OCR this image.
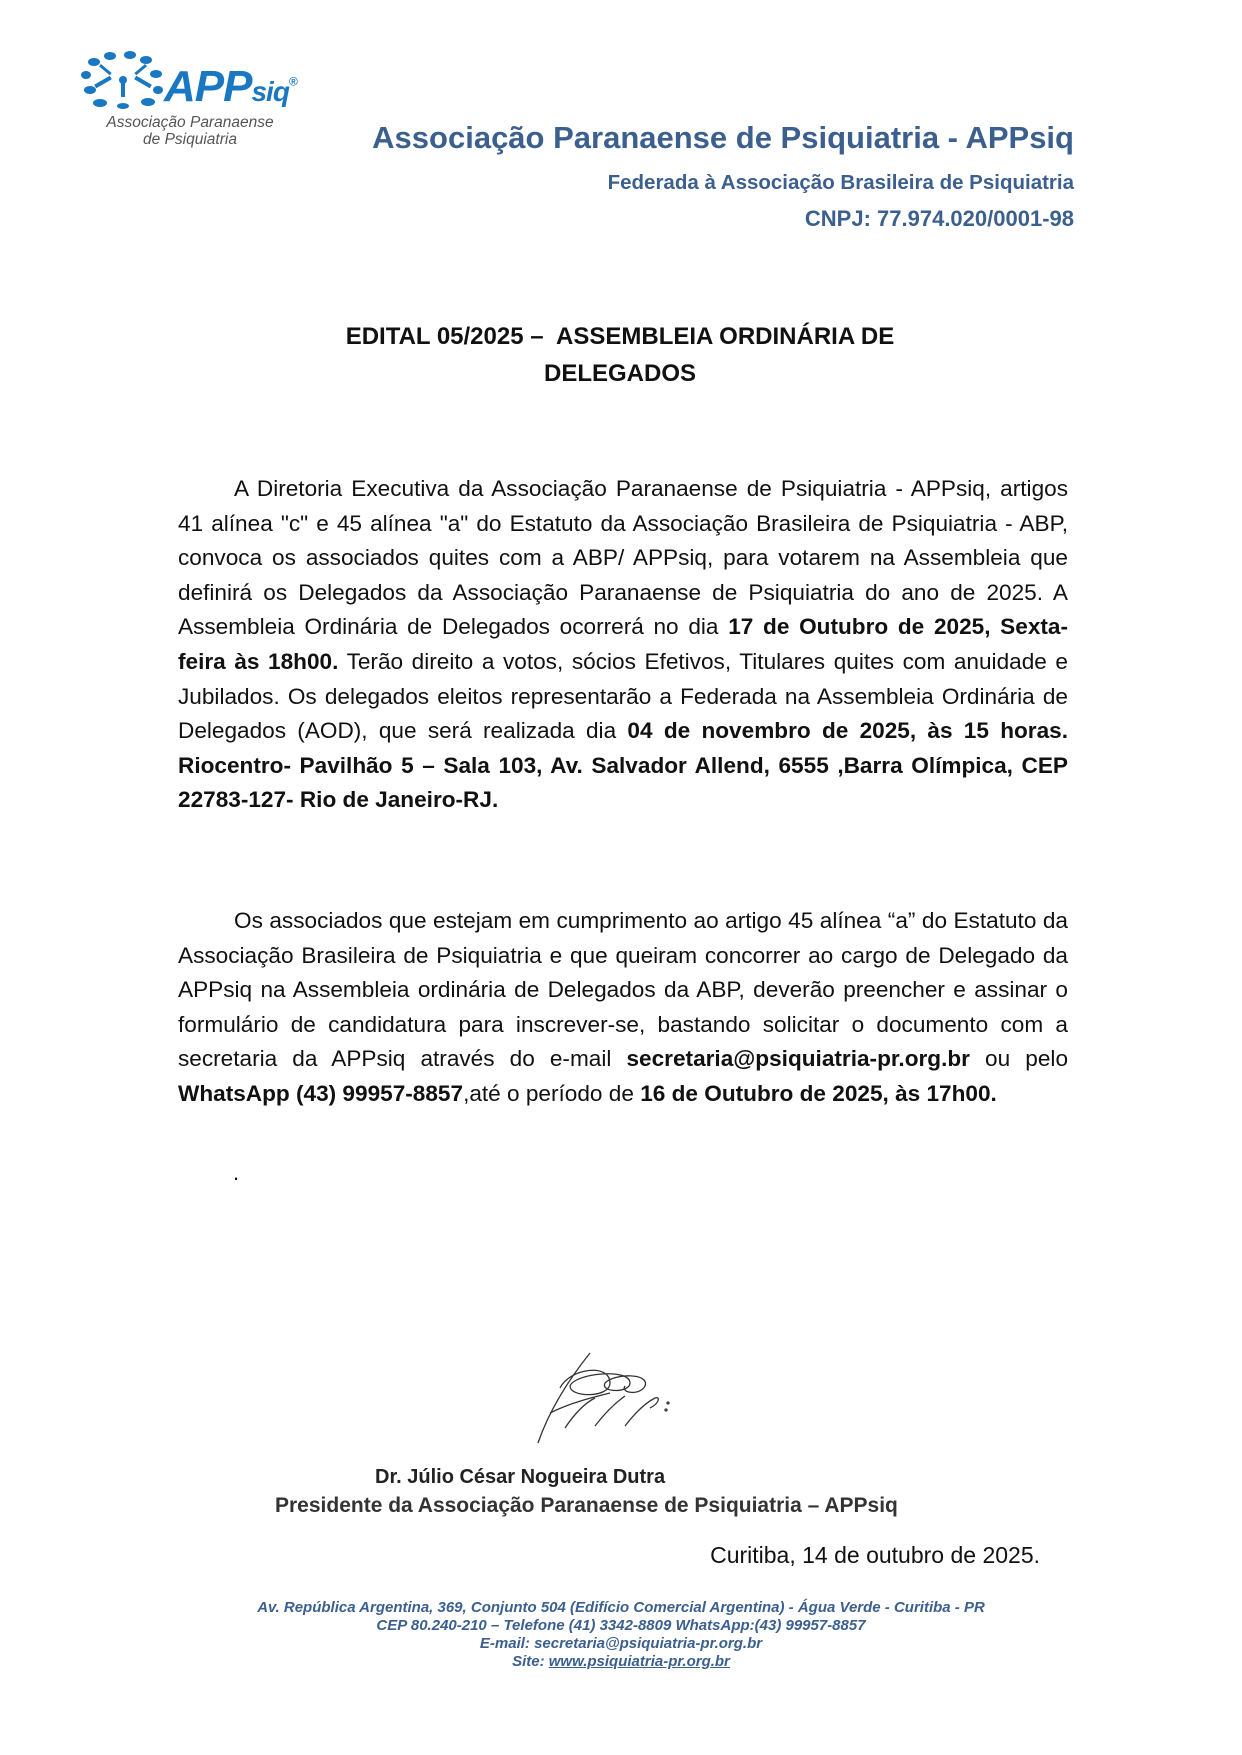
APPsiq®
Associação Paranaense
de Psiquiatria	Associação Paranaense de Psiquiatria - APPsiq
Federada à Associação Brasileira de Psiquiatria
CNPJ: 77.974.020/0001-98
EDITAL 05/2025 –  ASSEMBLEIA ORDINÁRIA DE
DELEGADOS

A Diretoria Executiva da Associação Paranaense de Psiquiatria - APPsiq, artigos 41 alínea "c" e 45 alínea "a" do Estatuto da Associação Brasileira de Psiquiatria - ABP, convoca os associados quites com a ABP/ APPsiq, para votarem na Assembleia que definirá os Delegados da Associação Paranaense de Psiquiatria do ano de 2025. A Assembleia Ordinária de Delegados ocorrerá no dia 17 de Outubro de 2025, Sexta- feira às 18h00. Terão direito a votos, sócios Efetivos, Titulares quites com anuidade e Jubilados. Os delegados eleitos representarão a Federada na Assembleia Ordinária de Delegados (AOD), que será realizada dia 04 de novembro de 2025, às 15 horas. Riocentro- Pavilhão 5 – Sala 103, Av. Salvador Allend, 6555 ,Barra Olímpica, CEP 22783-127- Rio de Janeiro-RJ.

Os associados que estejam em cumprimento ao artigo 45 alínea “a” do Estatuto da Associação Brasileira de Psiquiatria e que queiram concorrer ao cargo de Delegado da APPsiq na Assembleia ordinária de Delegados da ABP, deverão preencher e assinar o formulário de candidatura para inscrever-se, bastando solicitar o documento com a secretaria da APPsiq através do e-mail secretaria@psiquiatria-pr.org.br ou pelo WhatsApp (43) 99957-8857,até o período de 16 de Outubro de 2025, às 17h00.

.
Dr. Júlio César Nogueira Dutra
Presidente da Associação Paranaense de Psiquiatria – APPsiq
Curitiba, 14 de outubro de 2025.
Av. República Argentina, 369, Conjunto 504 (Edifício Comercial Argentina) - Água Verde - Curitiba - PR
CEP 80.240-210 – Telefone (41) 3342-8809 WhatsApp:(43) 99957-8857
E-mail: secretaria@psiquiatria-pr.org.br
Site: www.psiquiatria-pr.org.br
